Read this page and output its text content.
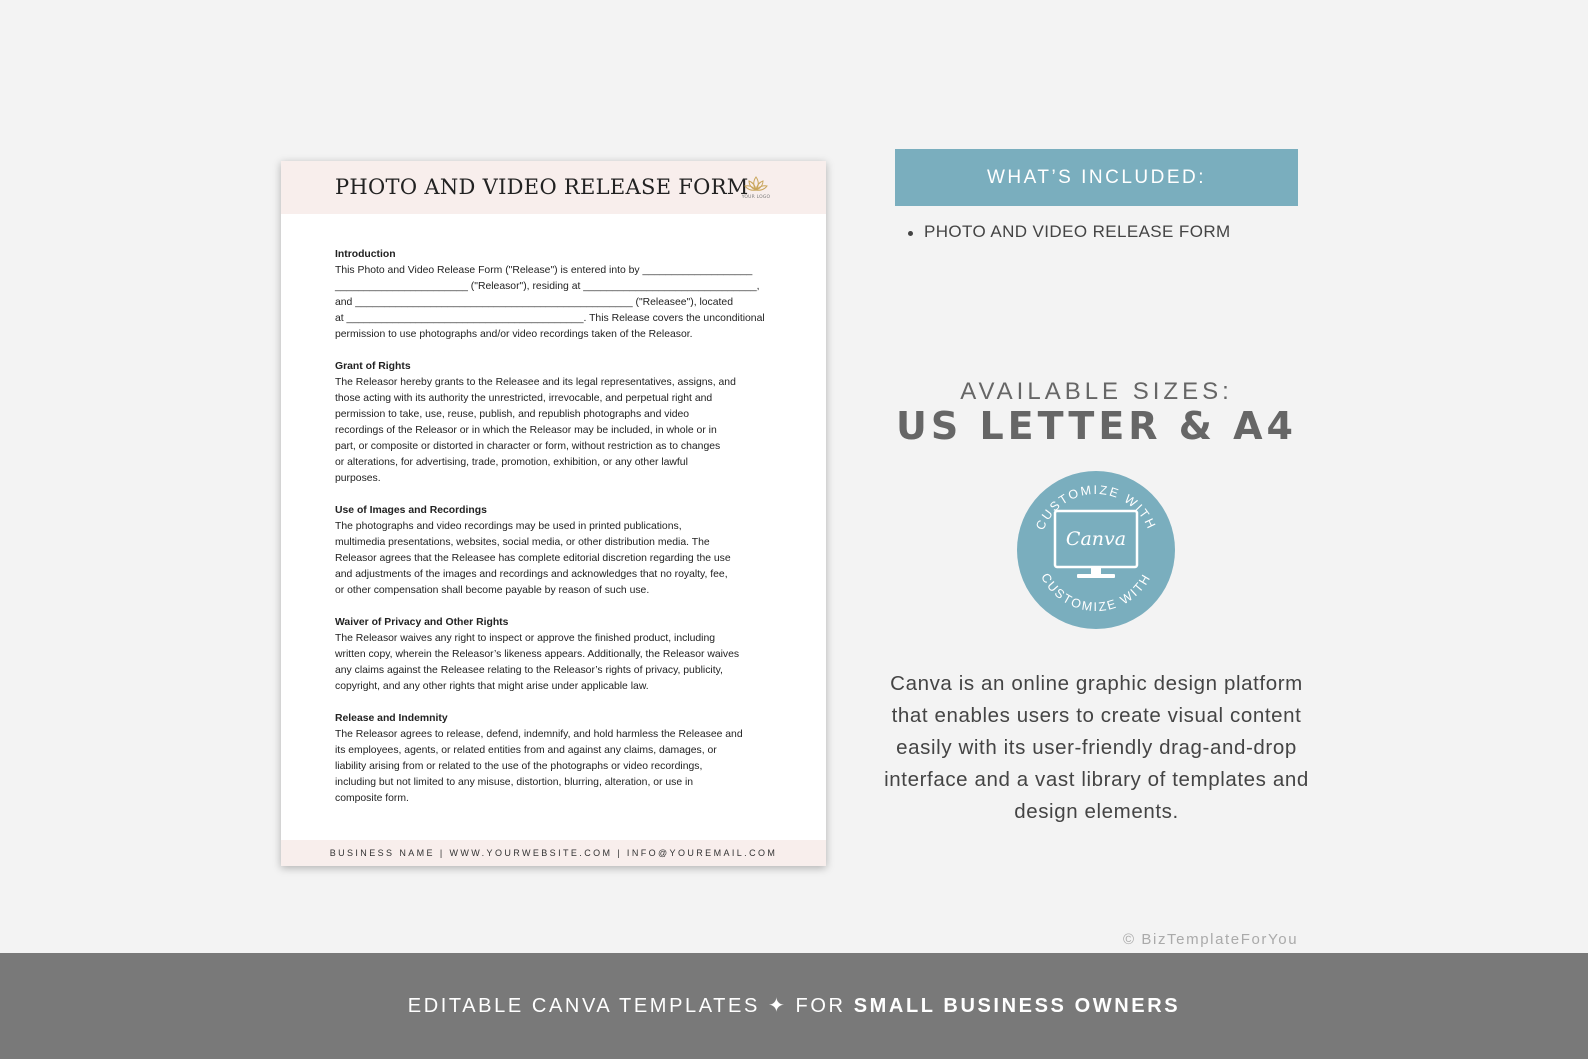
PHOTO AND VIDEO RELEASE FORM
YOUR LOGO
Introduction
This Photo and Video Release Form ("Release") is entered into by ___________________
_______________________ ("Releasor"), residing at ______________________________,
and ________________________________________________ ("Releasee"), located
at _________________________________________. This Release covers the unconditional
permission to use photographs and/or video recordings taken of the Releasor.
Grant of Rights
The Releasor hereby grants to the Releasee and its legal representatives, assigns, and
those acting with its authority the unrestricted, irrevocable, and perpetual right and
permission to take, use, reuse, publish, and republish photographs and video
recordings of the Releasor or in which the Releasor may be included, in whole or in
part, or composite or distorted in character or form, without restriction as to changes
or alterations, for advertising, trade, promotion, exhibition, or any other lawful
purposes.
Use of Images and Recordings
The photographs and video recordings may be used in printed publications,
multimedia presentations, websites, social media, or other distribution media. The
Releasor agrees that the Releasee has complete editorial discretion regarding the use
and adjustments of the images and recordings and acknowledges that no royalty, fee,
or other compensation shall become payable by reason of such use.
Waiver of Privacy and Other Rights
The Releasor waives any right to inspect or approve the finished product, including
written copy, wherein the Releasor’s likeness appears. Additionally, the Releasor waives
any claims against the Releasee relating to the Releasor’s rights of privacy, publicity,
copyright, and any other rights that might arise under applicable law.
Release and Indemnity
The Releasor agrees to release, defend, indemnify, and hold harmless the Releasee and
its employees, agents, or related entities from and against any claims, damages, or
liability arising from or related to the use of the photographs or video recordings,
including but not limited to any misuse, distortion, blurring, alteration, or use in
composite form.
BUSINESS NAME | WWW.YOURWEBSITE.COM | INFO@YOUREMAIL.COM
WHAT’S INCLUDED:
PHOTO AND VIDEO RELEASE FORM
AVAILABLE SIZES:
US LETTER & A4
CUSTOMIZE WITH
CUSTOMIZE WITH
Canva
Canva is an online graphic design platform that enables users to create visual content easily with its user-friendly drag-and-drop interface and a vast library of templates and design elements.
© BizTemplateForYou
EDITABLE CANVA TEMPLATES ✦ FOR SMALL BUSINESS OWNERS
